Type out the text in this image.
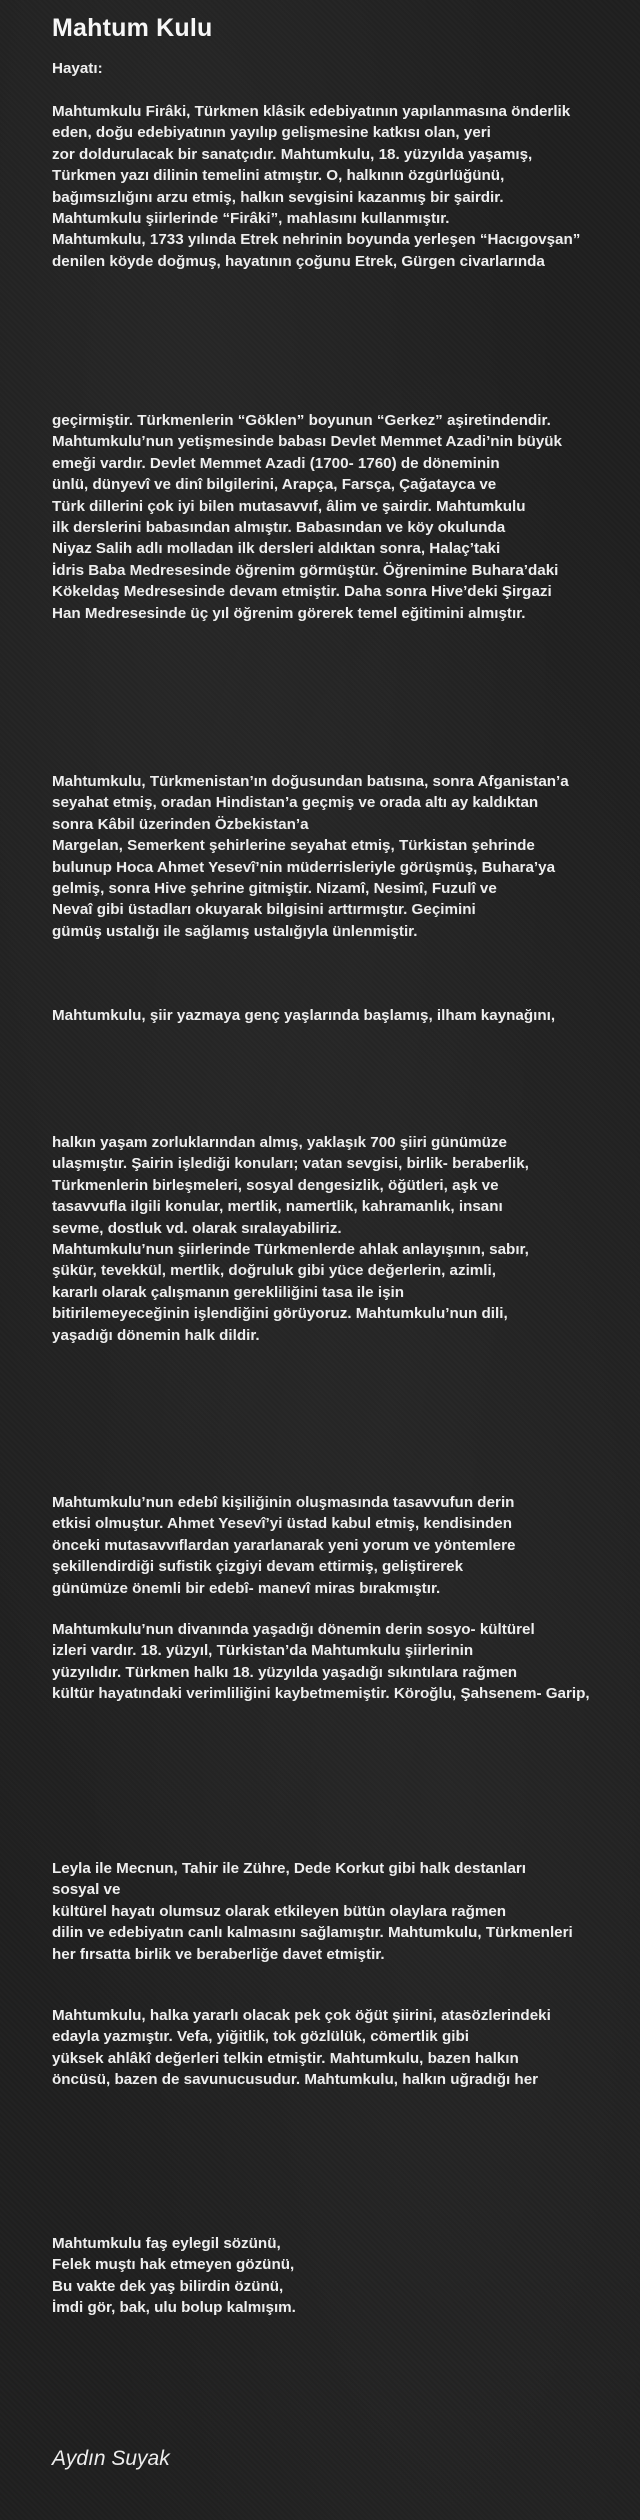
Mahtum Kulu

Hayatı:

Mahtumkulu Firâki, Türkmen klâsik edebiyatının yapılanmasına önderlik
eden, doğu edebiyatının yayılıp gelişmesine katkısı olan, yeri
zor doldurulacak bir sanatçıdır. Mahtumkulu, 18. yüzyılda yaşamış,
Türkmen yazı dilinin temelini atmıştır. O, halkının özgürlüğünü,
bağımsızlığını arzu etmiş, halkın sevgisini kazanmış bir şairdir.
Mahtumkulu şiirlerinde “Firâki”, mahlasını kullanmıştır.
Mahtumkulu, 1733 yılında Etrek nehrinin boyunda yerleşen “Hacıgovşan”
denilen köyde doğmuş, hayatının çoğunu Etrek, Gürgen civarlarında

geçirmiştir. Türkmenlerin “Göklen” boyunun “Gerkez” aşiretindendir.
Mahtumkulu’nun yetişmesinde babası Devlet Memmet Azadi’nin büyük
emeği vardır. Devlet Memmet Azadi (1700- 1760) de döneminin
ünlü, dünyevî ve dinî bilgilerini, Arapça, Farsça, Çağatayca ve
Türk dillerini çok iyi bilen mutasavvıf, âlim ve şairdir. Mahtumkulu
ilk derslerini babasından almıştır. Babasından ve köy okulunda
Niyaz Salih adlı molladan ilk dersleri aldıktan sonra, Halaç’taki
İdris Baba Medresesinde öğrenim görmüştür. Öğrenimine Buhara’daki
Kökeldaş Medresesinde devam etmiştir. Daha sonra Hive’deki Şirgazi
Han Medresesinde üç yıl öğrenim görerek temel eğitimini almıştır.

Mahtumkulu, Türkmenistan’ın doğusundan batısına, sonra Afganistan’a
seyahat etmiş, oradan Hindistan’a geçmiş ve orada altı ay kaldıktan
sonra Kâbil üzerinden Özbekistan’a
Margelan, Semerkent şehirlerine seyahat etmiş, Türkistan şehrinde
bulunup Hoca Ahmet Yesevî’nin müderrisleriyle görüşmüş, Buhara’ya
gelmiş, sonra Hive şehrine gitmiştir. Nizamî, Nesimî, Fuzulî ve
Nevaî gibi üstadları okuyarak bilgisini arttırmıştır. Geçimini
gümüş ustalığı ile sağlamış ustalığıyla ünlenmiştir.

Mahtumkulu, şiir yazmaya genç yaşlarında başlamış, ilham kaynağını,

halkın yaşam zorluklarından almış, yaklaşık 700 şiiri günümüze
ulaşmıştır. Şairin işlediği konuları; vatan sevgisi, birlik- beraberlik,
Türkmenlerin birleşmeleri, sosyal dengesizlik, öğütleri, aşk ve
tasavvufla ilgili konular, mertlik, namertlik, kahramanlık, insanı
sevme, dostluk vd. olarak sıralayabiliriz.
Mahtumkulu’nun şiirlerinde Türkmenlerde ahlak anlayışının, sabır,
şükür, tevekkül, mertlik, doğruluk gibi yüce değerlerin, azimli,
kararlı olarak çalışmanın gerekliliğini tasa ile işin
bitirilemeyeceğinin işlendiğini görüyoruz. Mahtumkulu’nun dili,
yaşadığı dönemin halk dildir.

Mahtumkulu’nun edebî kişiliğinin oluşmasında tasavvufun derin
etkisi olmuştur. Ahmet Yesevî’yi üstad kabul etmiş, kendisinden
önceki mutasavvıflardan yararlanarak yeni yorum ve yöntemlere
şekillendirdiği sufistik çizgiyi devam ettirmiş, geliştirerek
günümüze önemli bir edebî- manevî miras bırakmıştır.

Mahtumkulu’nun divanında yaşadığı dönemin derin sosyo- kültürel
izleri vardır. 18. yüzyıl, Türkistan’da Mahtumkulu şiirlerinin
yüzyılıdır. Türkmen halkı 18. yüzyılda yaşadığı sıkıntılara rağmen
kültür hayatındaki verimliliğini kaybetmemiştir. Köroğlu, Şahsenem- Garip,

Leyla ile Mecnun, Tahir ile Zühre, Dede Korkut gibi halk destanları
sosyal ve
kültürel hayatı olumsuz olarak etkileyen bütün olaylara rağmen
dilin ve edebiyatın canlı kalmasını sağlamıştır. Mahtumkulu, Türkmenleri
her fırsatta birlik ve beraberliğe davet etmiştir.

Mahtumkulu, halka yararlı olacak pek çok öğüt şiirini, atasözlerindeki
edayla yazmıştır. Vefa, yiğitlik, tok gözlülük, cömertlik gibi
yüksek ahlâkî değerleri telkin etmiştir. Mahtumkulu, bazen halkın
öncüsü, bazen de savunucusudur. Mahtumkulu, halkın uğradığı her

Mahtumkulu faş eylegil sözünü,
Felek muştı hak etmeyen gözünü,
Bu vakte dek yaş bilirdin özünü,
İmdi gör, bak, ulu bolup kalmışım.

Aydın Suyak
